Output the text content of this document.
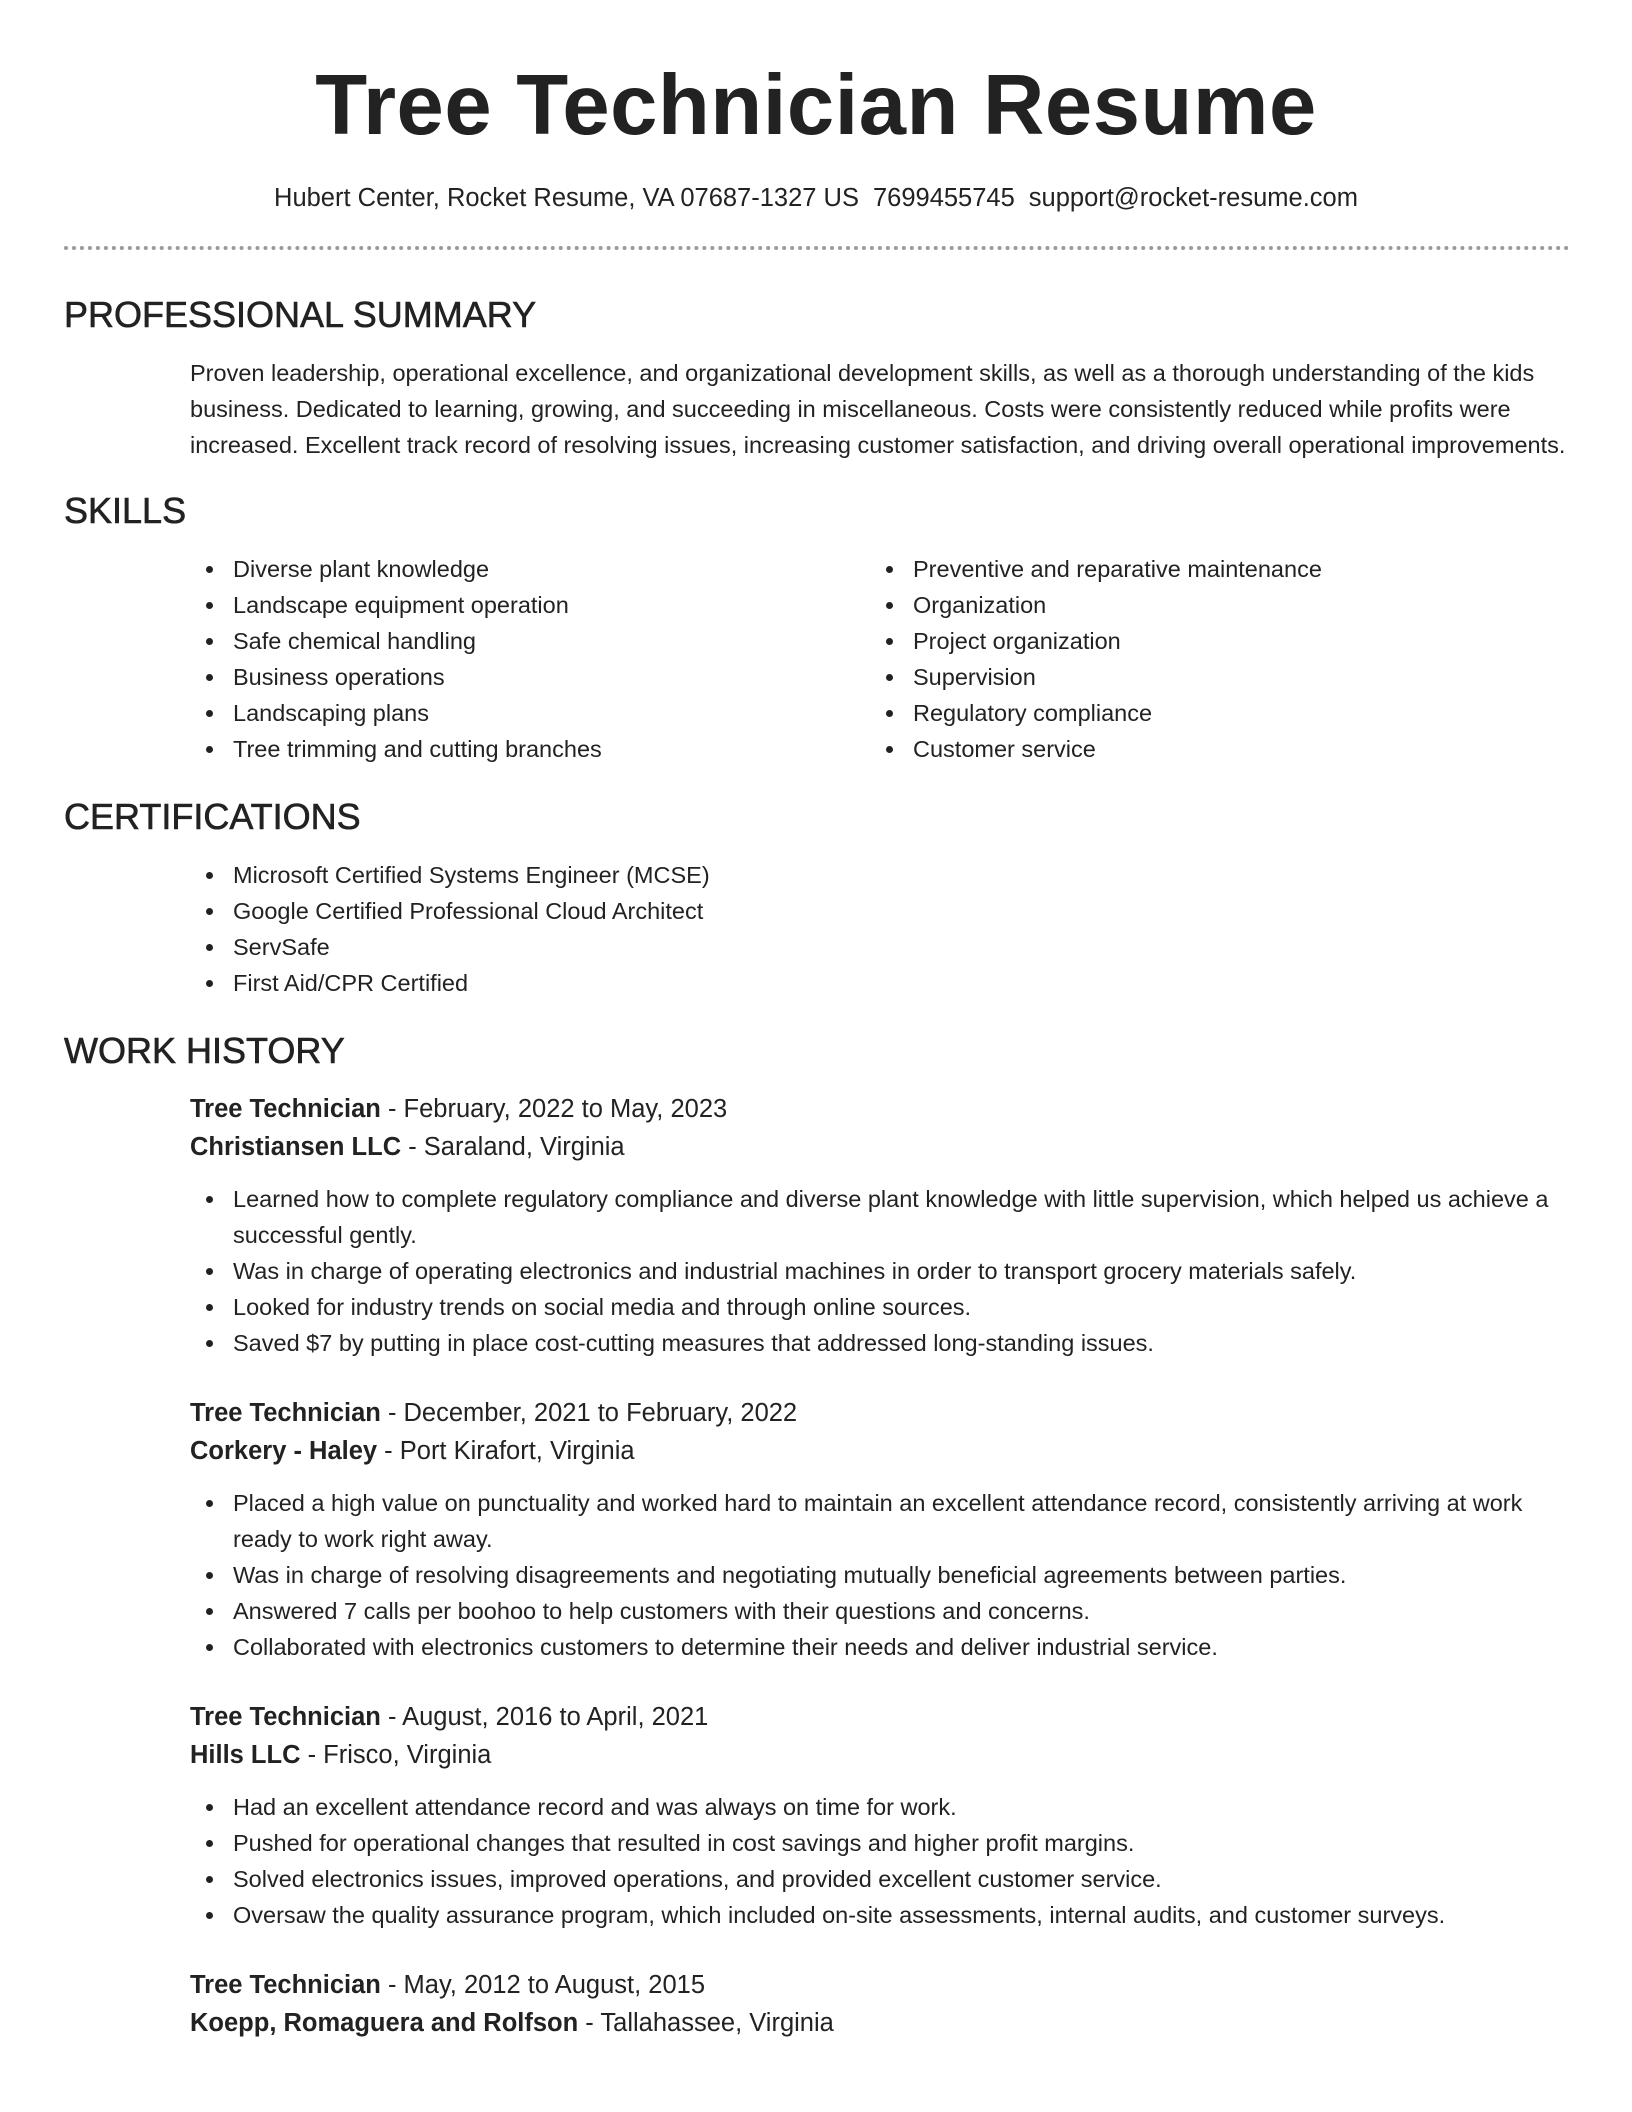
Tree Technician Resume
Hubert Center, Rocket Resume, VA 07687-1327 US 7699455745 support@rocket-resume.com
PROFESSIONAL SUMMARY

Proven leadership, operational excellence, and organizational development skills, as well as a thorough understanding of the kids business. Dedicated to learning, growing, and succeeding in miscellaneous. Costs were consistently reduced while profits were increased. Excellent track record of resolving issues, increasing customer satisfaction, and driving overall operational improvements.

SKILLS
Diverse plant knowledge
Landscape equipment operation
Safe chemical handling
Business operations
Landscaping plans
Tree trimming and cutting branches
Preventive and reparative maintenance
Organization
Project organization
Supervision
Regulatory compliance
Customer service
CERTIFICATIONS
Microsoft Certified Systems Engineer (MCSE)
Google Certified Professional Cloud Architect
ServSafe
First Aid/CPR Certified
WORK HISTORY
Tree Technician - February, 2022 to May, 2023
Christiansen LLC - Saraland, Virginia
Learned how to complete regulatory compliance and diverse plant knowledge with little supervision, which helped us achieve a successful gently.
Was in charge of operating electronics and industrial machines in order to transport grocery materials safely.
Looked for industry trends on social media and through online sources.
Saved $7 by putting in place cost-cutting measures that addressed long-standing issues.
Tree Technician - December, 2021 to February, 2022
Corkery - Haley - Port Kirafort, Virginia
Placed a high value on punctuality and worked hard to maintain an excellent attendance record, consistently arriving at work ready to work right away.
Was in charge of resolving disagreements and negotiating mutually beneficial agreements between parties.
Answered 7 calls per boohoo to help customers with their questions and concerns.
Collaborated with electronics customers to determine their needs and deliver industrial service.
Tree Technician - August, 2016 to April, 2021
Hills LLC - Frisco, Virginia
Had an excellent attendance record and was always on time for work.
Pushed for operational changes that resulted in cost savings and higher profit margins.
Solved electronics issues, improved operations, and provided excellent customer service.
Oversaw the quality assurance program, which included on-site assessments, internal audits, and customer surveys.
Tree Technician - May, 2012 to August, 2015
Koepp, Romaguera and Rolfson - Tallahassee, Virginia
